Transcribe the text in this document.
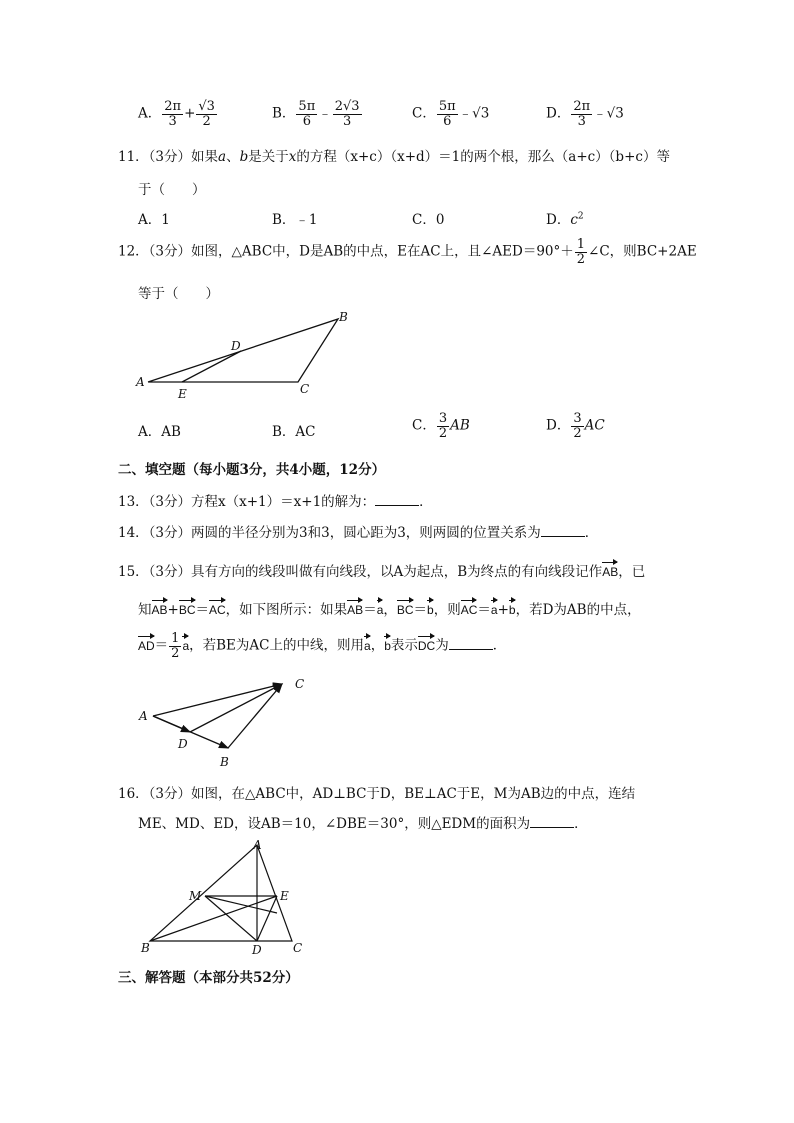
A． $\frac{2\pi}{3} + \frac{√3}{2}$	B． $\frac{5\pi}{6}$ ﹣ $\frac{2√3}{3}$	C． $\frac{5\pi}{6}$ ﹣√3	D． $\frac{2\pi}{3}$ ﹣√3
11．（3分）如果a、b是关于x的方程（x+c）（x+d）＝1的两个根，那么（a+c）（b+c）等
于（　　）
A．1	B．﹣1	C．0	D．$c^2$
12．（3分）如图，△ABC中，D是AB的中点，E在AC上，且∠AED＝90°＋ $\frac{1}{2}$ ∠C，则BC+2AE
等于（　　）
A
B
C
D
E
A．AB	B．AC	C． $\frac{3}{2}$ AB	D． $\frac{3}{2}$ AC
二、填空题（每小题3分，共4小题，12分）
13．（3分）方程x（x+1）＝x+1的解为：	．
14．（3分）两圆的半径分别为3和3，圆心距为3，则两圆的位置关系为	．
15．（3分）具有方向的线段叫做有向线段，以A为起点，B为终点的有向线段记作AB，已
知AB+BC＝AC，如下图所示：如果AB＝a，BC＝b，则AC＝a+b，若D为AB的中点，
$AD= \frac{1}{2}$ a，若BE为AC上的中线，则用a，b表示DC为	．
A
C
D
B
16．（3分）如图，在△ABC中，AD⊥BC于D，BE⊥AC于E，M为AB边的中点，连结
ME、MD、ED，设AB＝10，∠DBE＝30°，则△EDM的面积为	．
A
B	C
D
E
M
三、解答题（本部分共52分）
